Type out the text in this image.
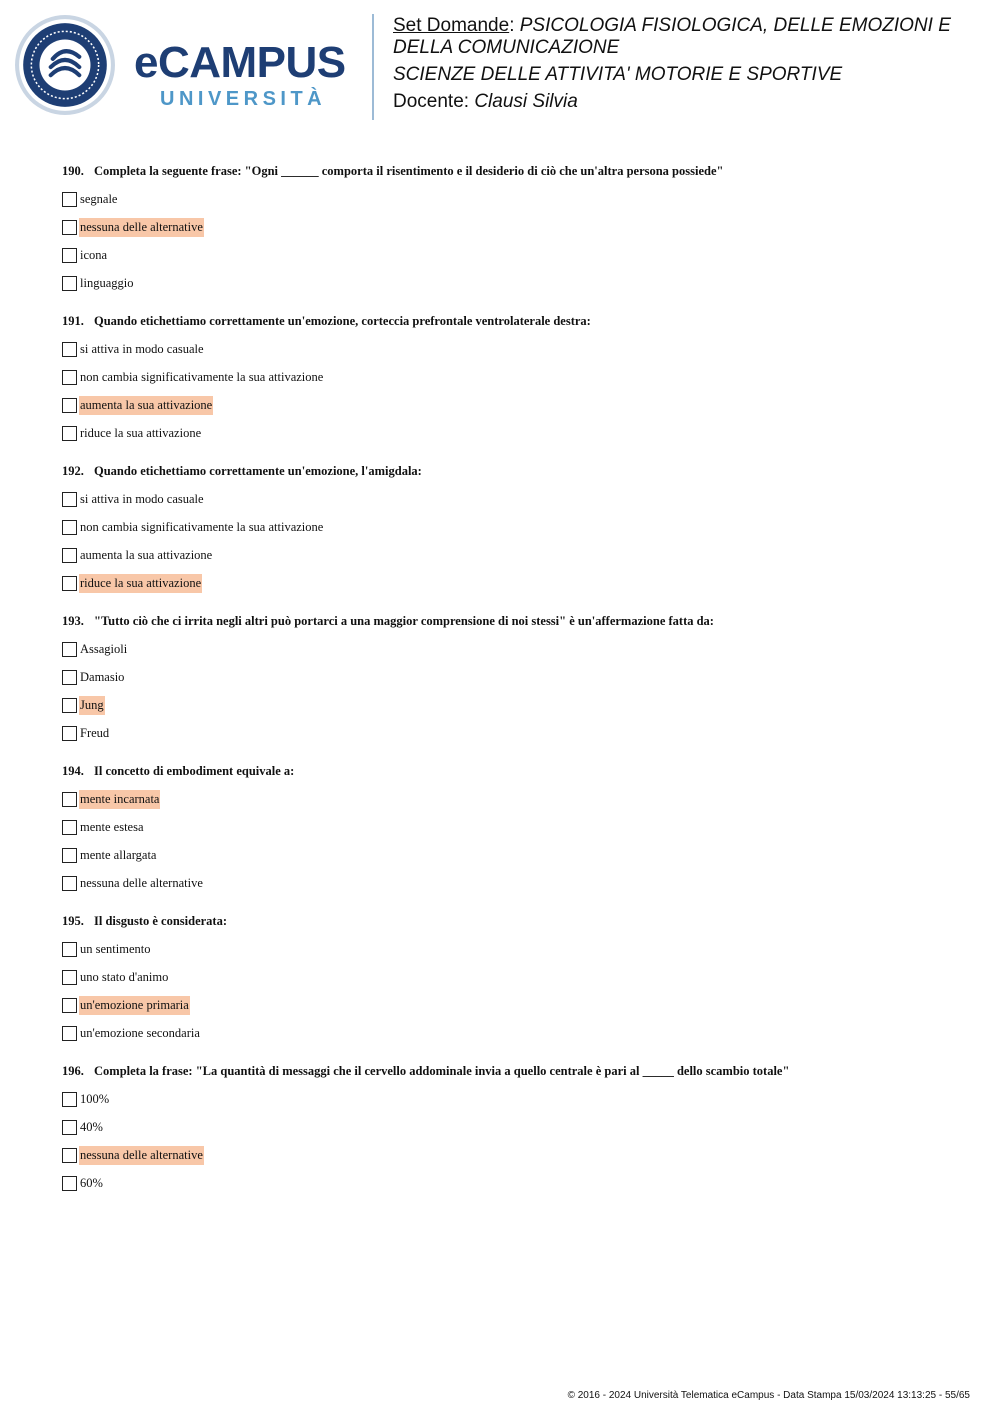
eCAMPUS
UNIVERSITÀ
Set Domande: PSICOLOGIA FISIOLOGICA, DELLE EMOZIONI E DELLA COMUNICAZIONE
SCIENZE DELLE ATTIVITA' MOTORIE E SPORTIVE
Docente: Clausi Silvia
190. Completa la seguente frase: "Ogni ______ comporta il risentimento e il desiderio di ciò che un'altra persona possiede"
segnale
nessuna delle alternative
icona
linguaggio
191. Quando etichettiamo correttamente un'emozione, corteccia prefrontale ventrolaterale destra:
si attiva in modo casuale
non cambia significativamente la sua attivazione
aumenta la sua attivazione
riduce la sua attivazione
192. Quando etichettiamo correttamente un'emozione, l'amigdala:
si attiva in modo casuale
non cambia significativamente la sua attivazione
aumenta la sua attivazione
riduce la sua attivazione
193. "Tutto ciò che ci irrita negli altri può portarci a una maggior comprensione di noi stessi" è un'affermazione fatta da:
Assagioli
Damasio
Jung
Freud
194. Il concetto di embodiment equivale a:
mente incarnata
mente estesa
mente allargata
nessuna delle alternative
195. Il disgusto è considerata:
un sentimento
uno stato d'animo
un'emozione primaria
un'emozione secondaria
196. Completa la frase: "La quantità di messaggi che il cervello addominale invia a quello centrale è pari al _____ dello scambio totale"
100%
40%
nessuna delle alternative
60%
© 2016 - 2024 Università Telematica eCampus - Data Stampa 15/03/2024 13:13:25 - 55/65
